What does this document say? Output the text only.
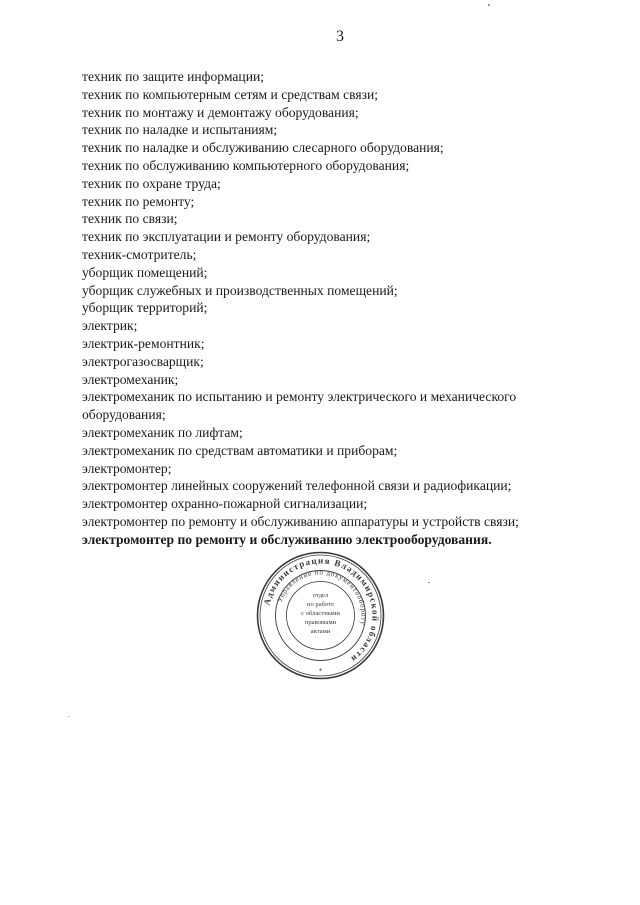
3
техник по защите информации;
техник по компьютерным сетям и средствам связи;
техник по монтажу и демонтажу оборудования;
техник по наладке и испытаниям;
техник по наладке и обслуживанию слесарного оборудования;
техник по обслуживанию компьютерного оборудования;
техник по охране труда;
техник по ремонту;
техник по связи;
техник по эксплуатации и ремонту оборудования;
техник-смотритель;
уборщик помещений;
уборщик служебных и производственных помещений;
уборщик территорий;
электрик;
электрик-ремонтник;
электрогазосварщик;
электромеханик;
электромеханик по испытанию и ремонту электрического и механического
оборудования;
электромеханик по лифтам;
электромеханик по средствам автоматики и приборам;
электромонтер;
электромонтер линейных сооружений телефонной связи и радиофикации;
электромонтер охранно-пожарной сигнализации;
электромонтер по ремонту и обслуживанию аппаратуры и устройств связи;
электромонтер по ремонту и обслуживанию электрооборудования.
Администрация Владимирской области
Управление по документообороту
отдел
по работе
с областными
правовыми
актами
*
